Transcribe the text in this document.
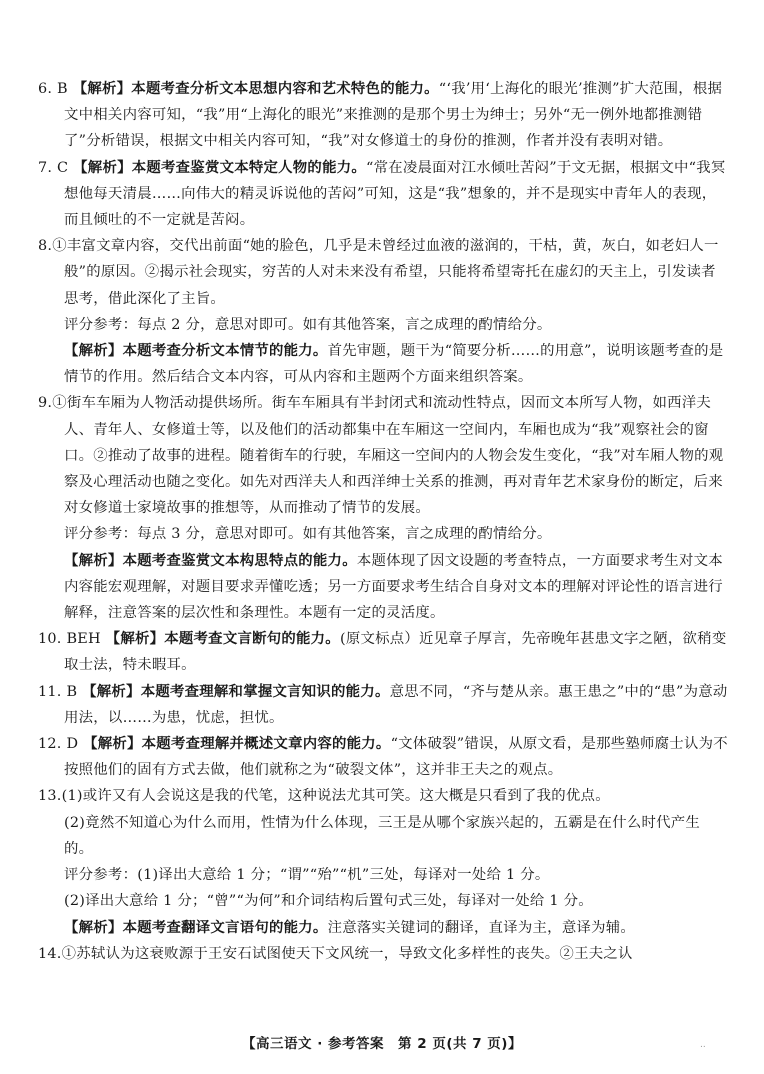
6. B 【解析】本题考查分析文本思想内容和艺术特色的能力。“‘我’用‘上海化的眼光’推测”扩大范围，根据文中相关内容可知，“我”用“上海化的眼光”来推测的是那个男士为绅士；另外“无一例外地都推测错了”分析错误，根据文中相关内容可知，“我”对女修道士的身份的推测，作者并没有表明对错。
7. C 【解析】本题考查鉴赏文本特定人物的能力。“常在凌晨面对江水倾吐苦闷”于文无据，根据文中“我冥想他每天清晨……向伟大的精灵诉说他的苦闷”可知，这是“我”想象的，并不是现实中青年人的表现，而且倾吐的不一定就是苦闷。
8.①丰富文章内容，交代出前面“她的脸色，几乎是未曾经过血液的滋润的，干枯，黄，灰白，如老妇人一般”的原因。②揭示社会现实，穷苦的人对未来没有希望，只能将希望寄托在虚幻的天主上，引发读者思考，借此深化了主旨。
评分参考：每点 2 分，意思对即可。如有其他答案，言之成理的酌情给分。
【解析】本题考查分析文本情节的能力。首先审题，题干为“简要分析……的用意”，说明该题考查的是情节的作用。然后结合文本内容，可从内容和主题两个方面来组织答案。
9.①街车车厢为人物活动提供场所。街车车厢具有半封闭式和流动性特点，因而文本所写人物，如西洋夫人、青年人、女修道士等，以及他们的活动都集中在车厢这一空间内，车厢也成为“我”观察社会的窗口。②推动了故事的进程。随着街车的行驶，车厢这一空间内的人物会发生变化，“我”对车厢人物的观察及心理活动也随之变化。如先对西洋夫人和西洋绅士关系的推测，再对青年艺术家身份的断定，后来对女修道士家境故事的推想等，从而推动了情节的发展。
评分参考：每点 3 分，意思对即可。如有其他答案，言之成理的酌情给分。
【解析】本题考查鉴赏文本构思特点的能力。本题体现了因文设题的考查特点，一方面要求考生对文本内容能宏观理解，对题目要求弄懂吃透；另一方面要求考生结合自身对文本的理解对评论性的语言进行解释，注意答案的层次性和条理性。本题有一定的灵活度。
10. BEH 【解析】本题考查文言断句的能力。(原文标点）近见章子厚言，先帝晚年甚患文字之陋，欲稍变取士法，特未暇耳。
11. B 【解析】本题考查理解和掌握文言知识的能力。意思不同，“齐与楚从亲。惠王患之”中的“患”为意动用法，以……为患，忧虑，担忧。
12. D 【解析】本题考查理解并概述文章内容的能力。“文体破裂”错误，从原文看，是那些塾师腐士认为不按照他们的固有方式去做，他们就称之为“破裂文体”，这并非王夫之的观点。
13.(1)或许又有人会说这是我的代笔，这种说法尤其可笑。这大概是只看到了我的优点。
(2)竟然不知道心为什么而用，性情为什么体现，三王是从哪个家族兴起的，五霸是在什么时代产生的。
评分参考：(1)译出大意给 1 分；“谓”“殆”“机”三处，每译对一处给 1 分。
(2)译出大意给 1 分；“曾”“为何”和介词结构后置句式三处，每译对一处给 1 分。
【解析】本题考查翻译文言语句的能力。注意落实关键词的翻译，直译为主，意译为辅。
14.①苏轼认为这衰败源于王安石试图使天下文风统一，导致文化多样性的丧失。②王夫之认
【高三语文 · 参考答案　第 2 页(共 7 页)】	..
